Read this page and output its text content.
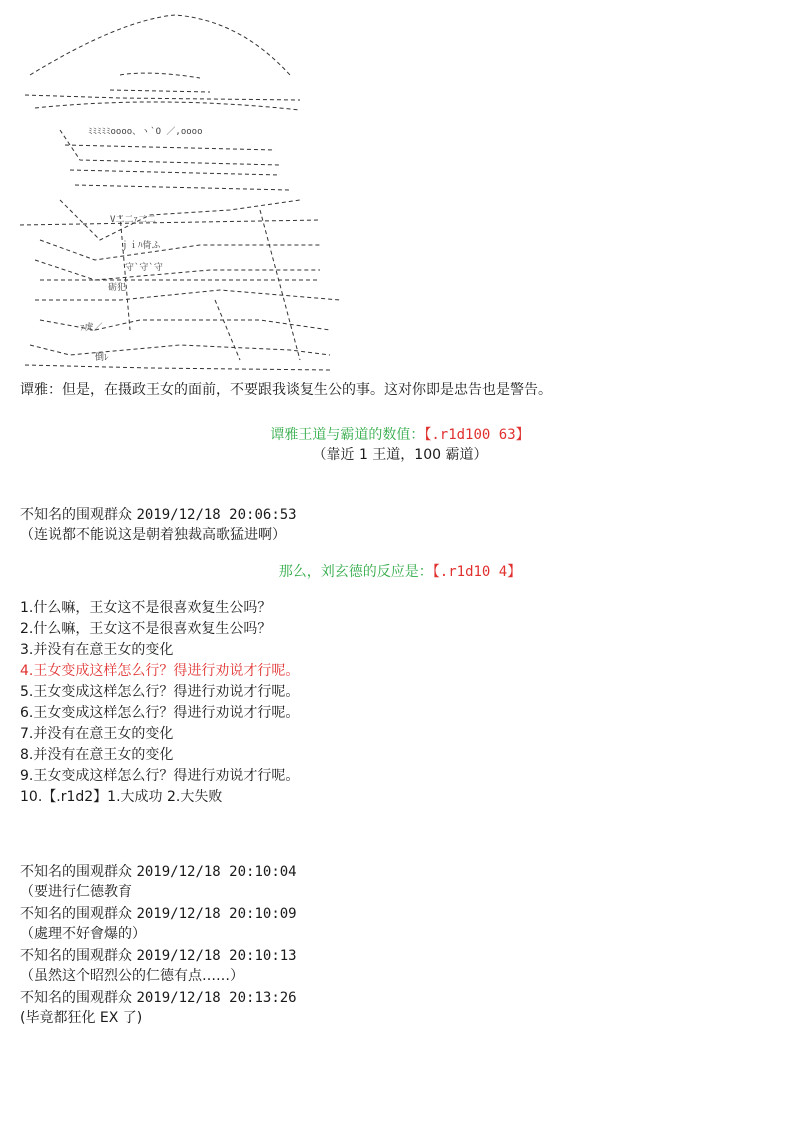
ﾐﾐﾐﾐﾐoooo、ヽ`O ／,oooo
V二二ｧ二二
ｊｉﾊ倚ふ
守`守`守
砺犯
ｧ虎／
倒ﾚ
谭雅：但是，在摄政王女的面前，不要跟我谈复生公的事。这对你即是忠告也是警告。
谭雅王道与霸道的数值：【.r1d100 63】
（靠近 1 王道，100 霸道）
不知名的围观群众 2019/12/18 20:06:53
（连说都不能说这是朝着独裁高歌猛进啊）
那么，刘玄德的反应是：【.r1d10 4】
1.什么嘛，王女这不是很喜欢复生公吗？
2.什么嘛，王女这不是很喜欢复生公吗？
3.并没有在意王女的变化
4.王女变成这样怎么行？得进行劝说才行呢。
5.王女变成这样怎么行？得进行劝说才行呢。
6.王女变成这样怎么行？得进行劝说才行呢。
7.并没有在意王女的变化
8.并没有在意王女的变化
9.王女变成这样怎么行？得进行劝说才行呢。
10.【.r1d2】1.大成功 2.大失败
不知名的围观群众 2019/12/18 20:10:04
（要进行仁德教育
不知名的围观群众 2019/12/18 20:10:09
（處理不好會爆的）
不知名的围观群众 2019/12/18 20:10:13
（虽然这个昭烈公的仁德有点……）
不知名的围观群众 2019/12/18 20:13:26
(毕竟都狂化 EX 了)
